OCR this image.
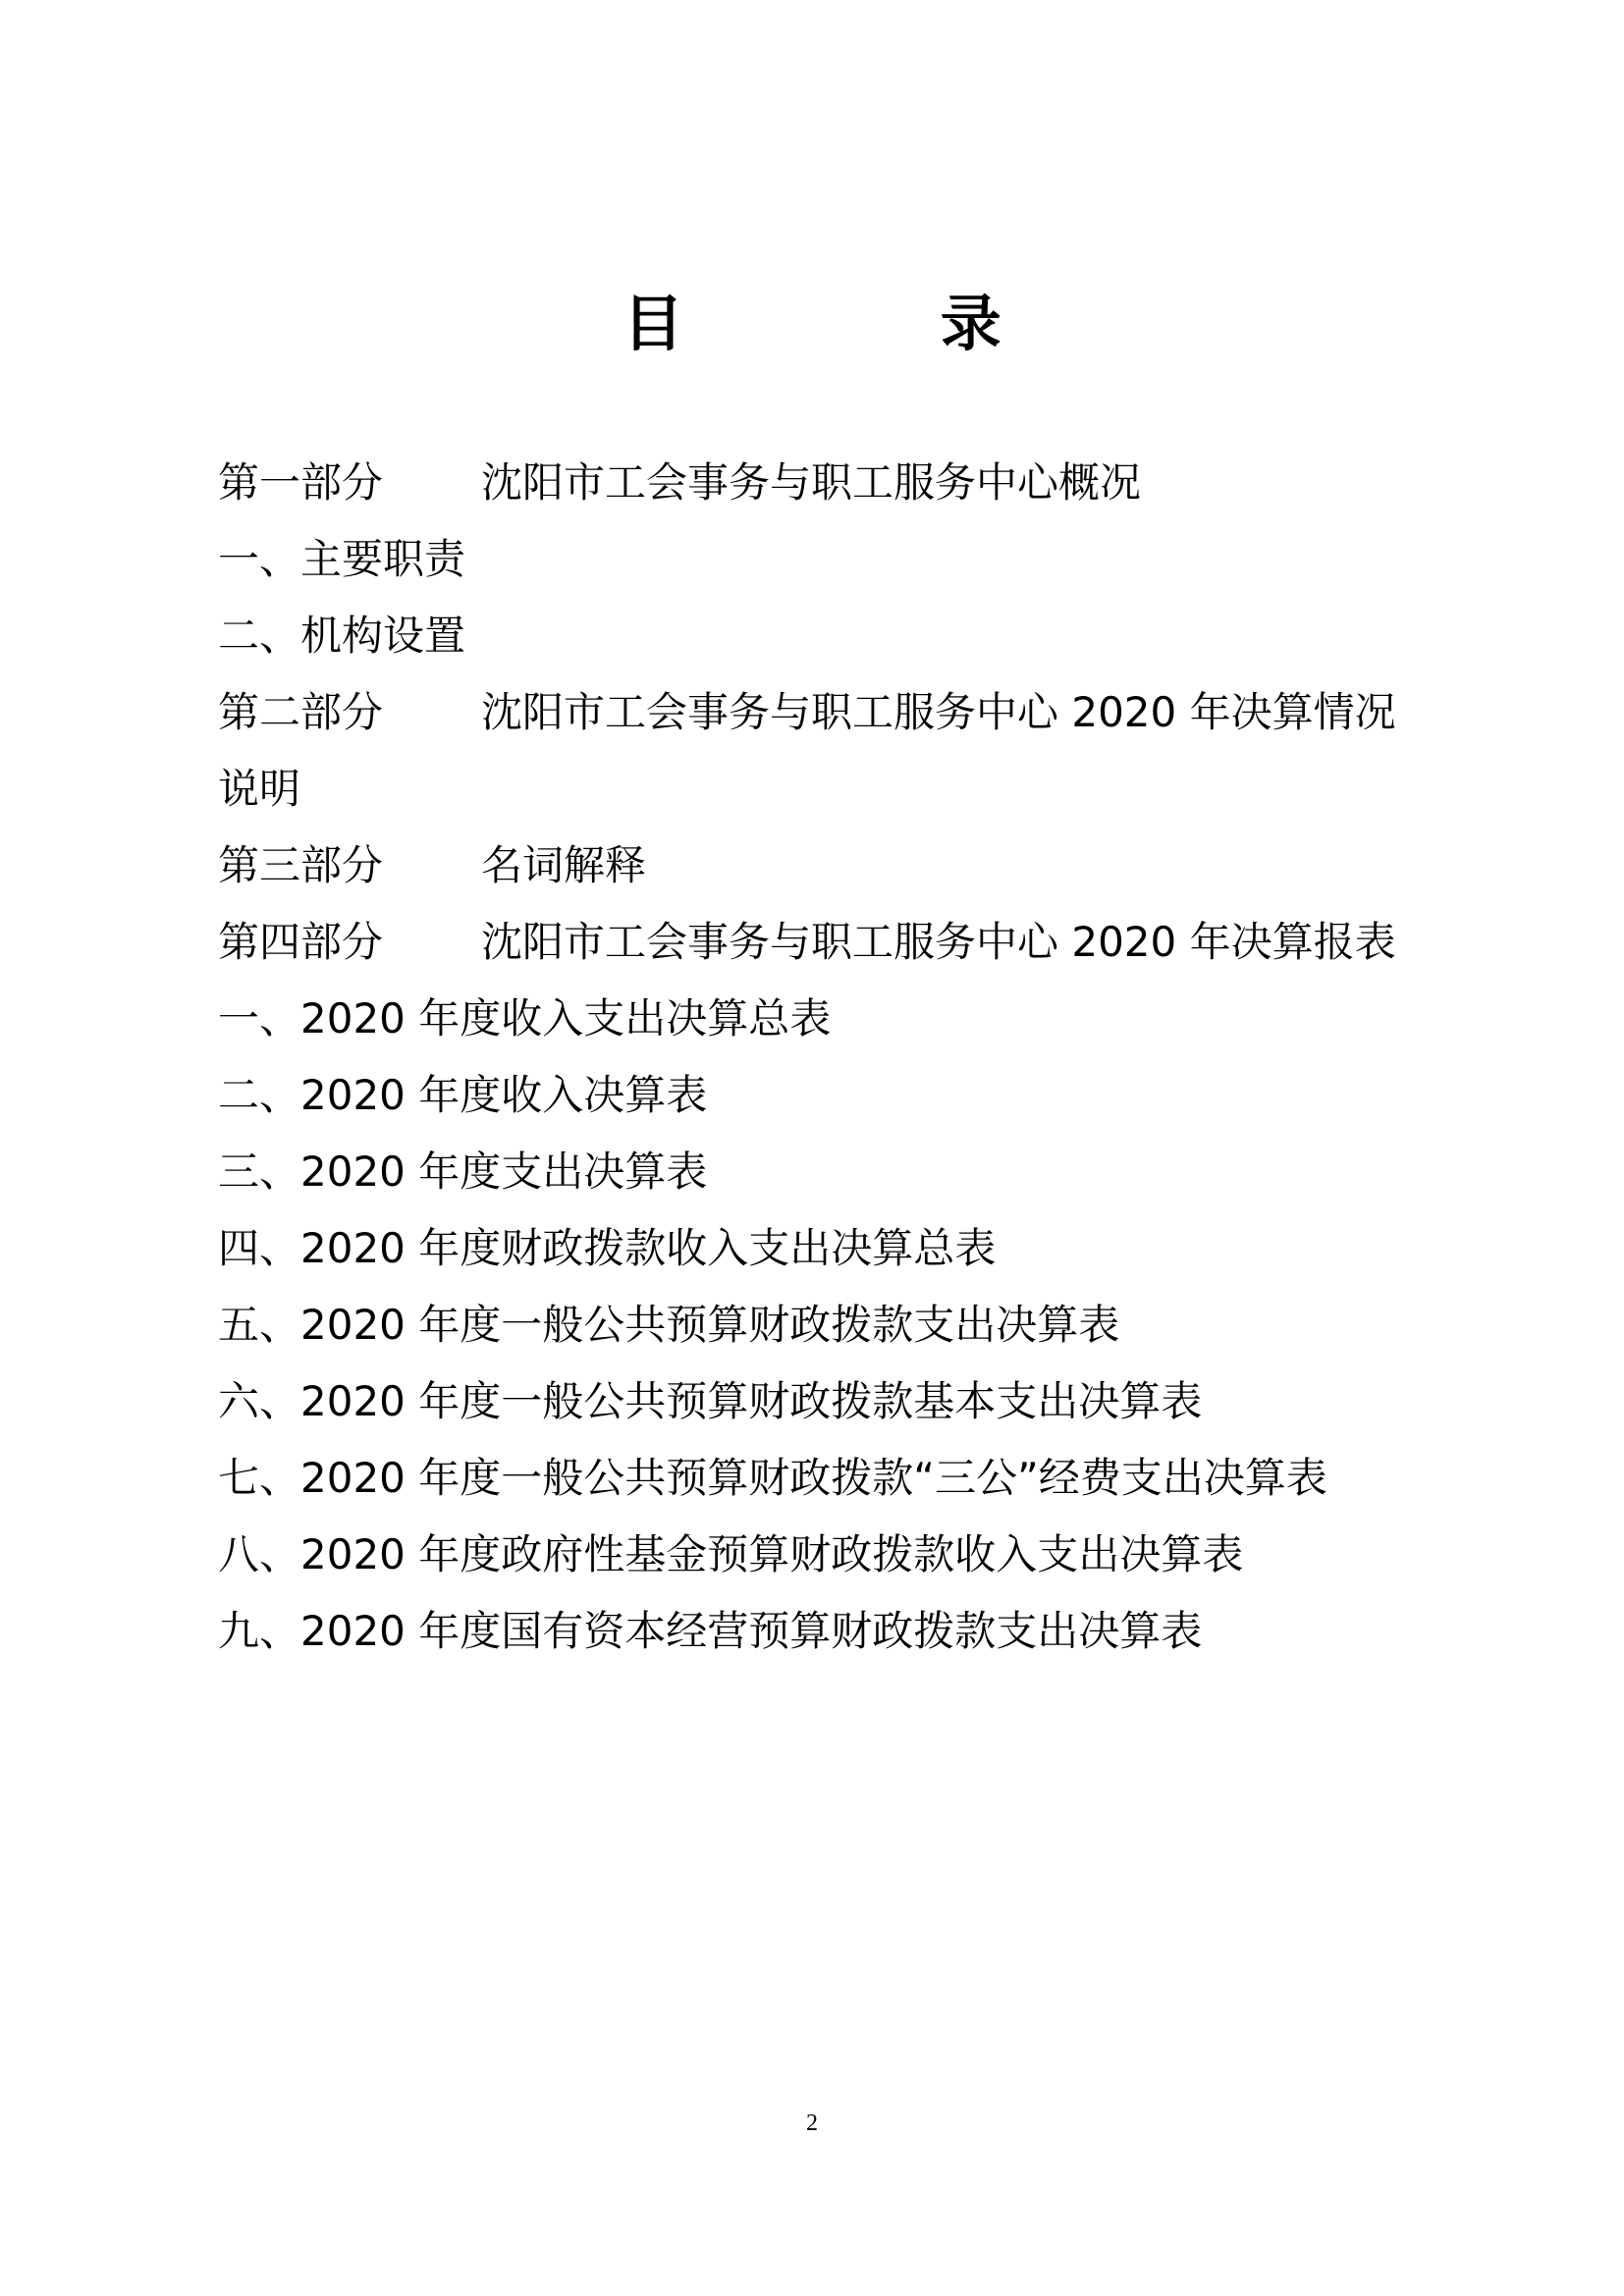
目 录
第一部分 沈阳市工会事务与职工服务中心概况
一、主要职责
二、机构设置
第二部分 沈阳市工会事务与职工服务中心 2020 年决算情况
说明
第三部分 名词解释
第四部分 沈阳市工会事务与职工服务中心 2020 年决算报表
一、2020 年度收入支出决算总表
二、2020 年度收入决算表
三、2020 年度支出决算表
四、2020 年度财政拨款收入支出决算总表
五、2020 年度一般公共预算财政拨款支出决算表
六、2020 年度一般公共预算财政拨款基本支出决算表
七、2020 年度一般公共预算财政拨款“三公”经费支出决算表
八、2020 年度政府性基金预算财政拨款收入支出决算表
九、2020 年度国有资本经营预算财政拨款支出决算表
2
